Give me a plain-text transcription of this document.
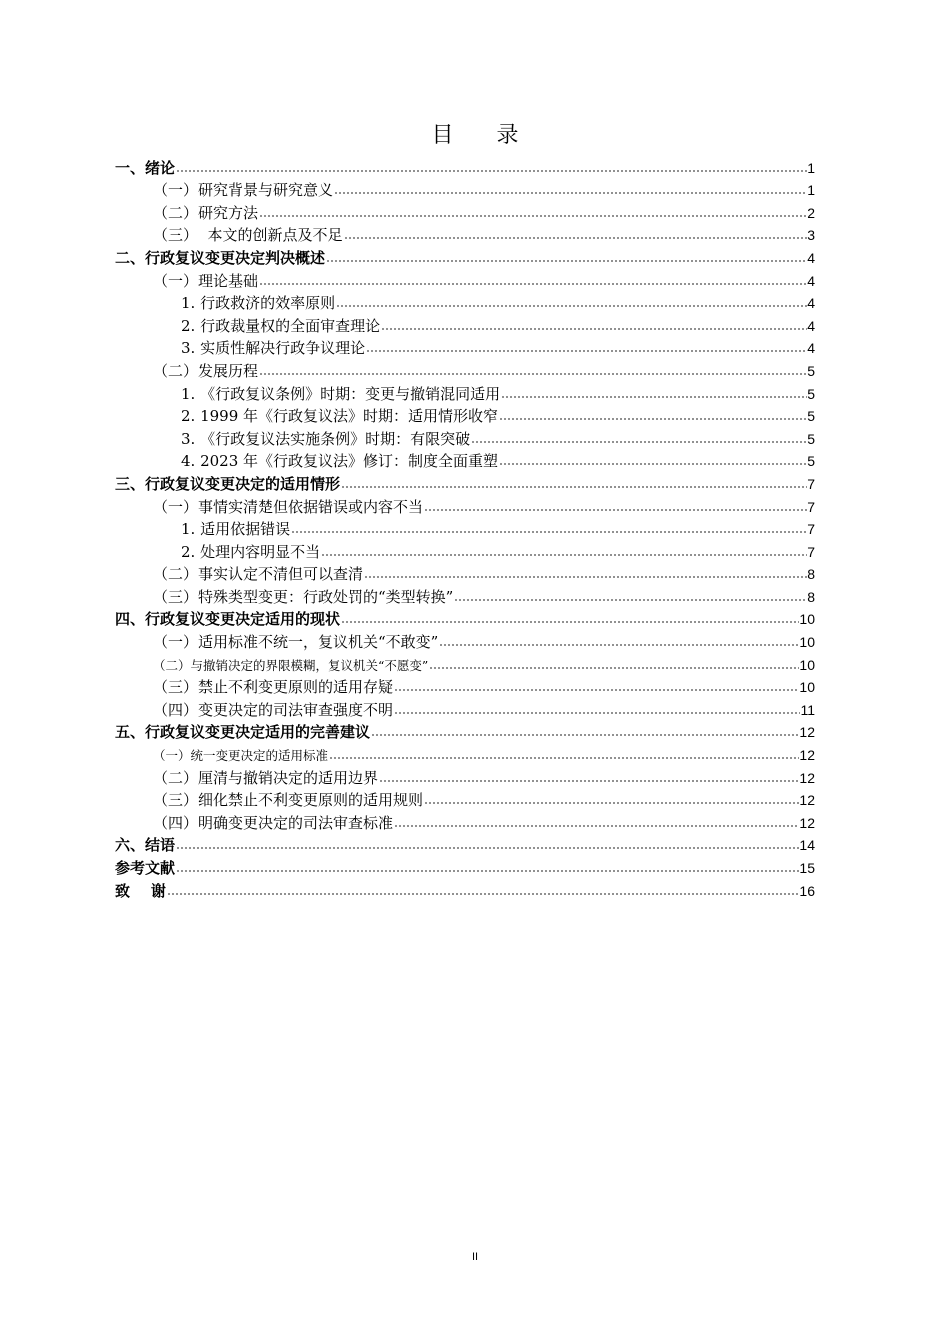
目 录
一、绪论	1
（一）研究背景与研究意义	1
（二）研究方法	2
（三）  本文的创新点及不足	3
二、行政复议变更决定判决概述	4
（一）理论基础	4
1. 行政救济的效率原则	4
2. 行政裁量权的全面审查理论	4
3. 实质性解决行政争议理论	4
（二）发展历程	5
1. 《行政复议条例》时期：变更与撤销混同适用	5
2. 1999 年《行政复议法》时期：适用情形收窄	5
3. 《行政复议法实施条例》时期：有限突破	5
4. 2023 年《行政复议法》修订：制度全面重塑	5
三、行政复议变更决定的适用情形	7
（一）事情实清楚但依据错误或内容不当	7
1. 适用依据错误	7
2. 处理内容明显不当	7
（二）事实认定不清但可以查清	8
（三）特殊类型变更：行政处罚的“类型转换”	8
四、行政复议变更决定适用的现状	10
（一）适用标准不统一，复议机关“不敢变”	10
（二）与撤销决定的界限模糊，复议机关“不愿变”	10
（三）禁止不利变更原则的适用存疑	10
（四）变更决定的司法审查强度不明	11
五、行政复议变更决定适用的完善建议	12
（一）统一变更决定的适用标准	12
（二）厘清与撤销决定的适用边界	12
（三）细化禁止不利变更原则的适用规则	12
（四）明确变更决定的司法审查标准	12
六、结语	14
参考文献	15
致    谢	16
II
